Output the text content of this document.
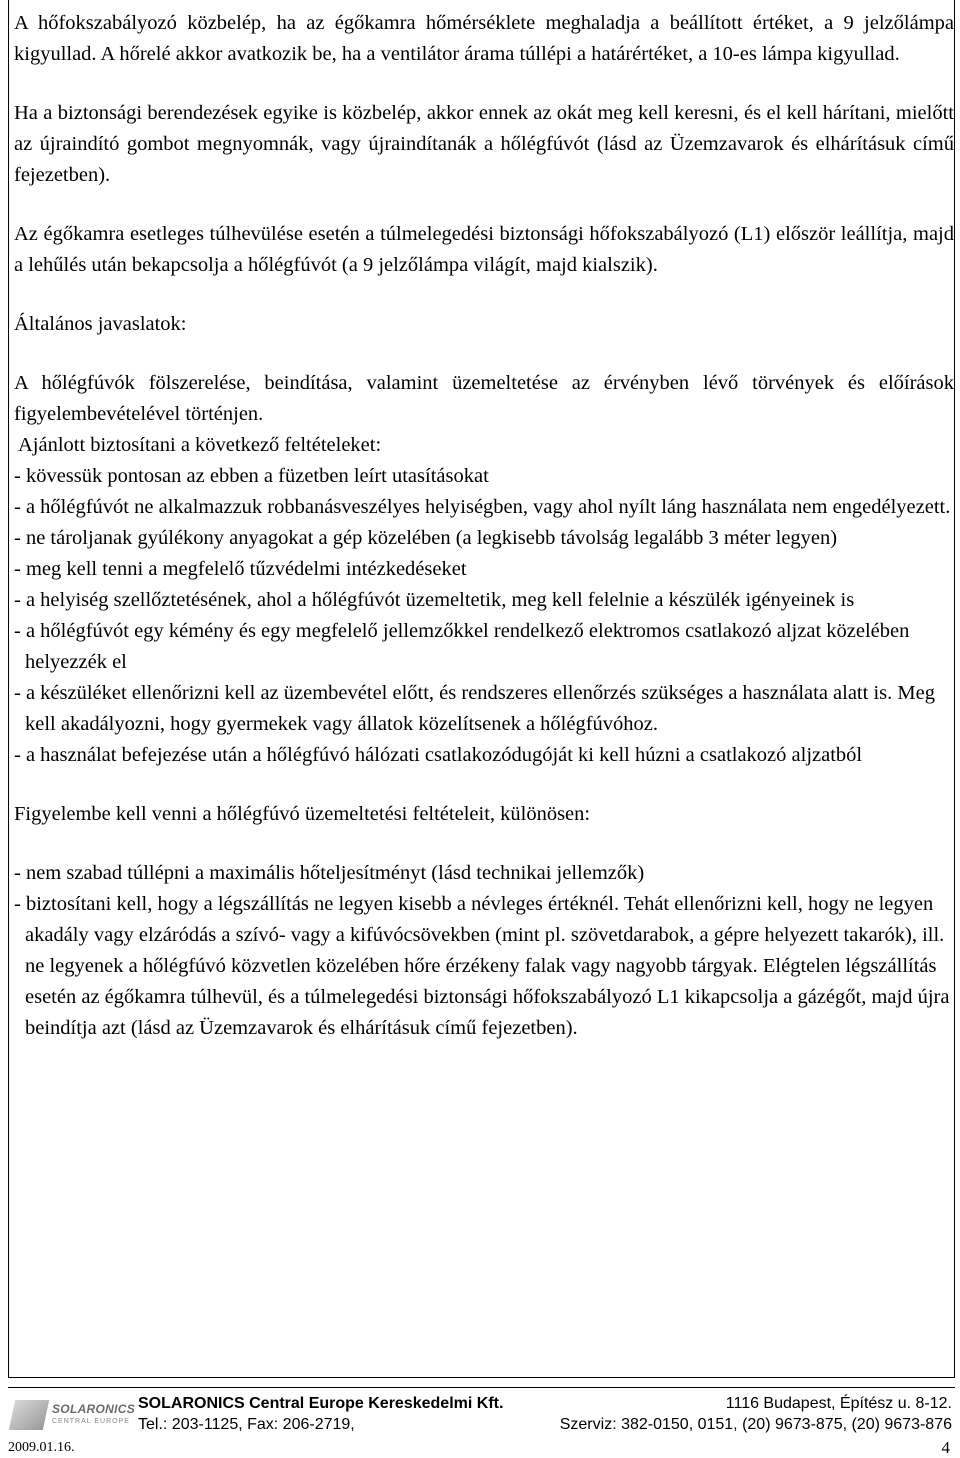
A hőfokszabályozó közbelép, ha az égőkamra hőmérséklete meghaladja a beállított értéket, a 9 jelzőlámpa kigyullad. A hőrelé akkor avatkozik be, ha a ventilátor árama túllépi a határértéket, a 10-es lámpa kigyullad.

Ha a biztonsági berendezések egyike is közbelép, akkor ennek az okát meg kell keresni, és el kell hárítani, mielőtt az újraindító gombot megnyomnák, vagy újraindítanák a hőlégfúvót (lásd az Üzemzavarok és elhárításuk című fejezetben).

Az égőkamra esetleges túlhevülése esetén a túlmelegedési biztonsági hőfokszabályozó (L1) először leállítja, majd a lehűlés után bekapcsolja a hőlégfúvót (a 9 jelzőlámpa világít, majd kialszik).

Általános javaslatok:

A hőlégfúvók fölszerelése, beindítása, valamint üzemeltetése az érvényben lévő törvények és előírások figyelembevételével történjen.

Ajánlott biztosítani a következő feltételeket:

- kövessük pontosan az ebben a füzetben leírt utasításokat
- a hőlégfúvót ne alkalmazzuk robbanásveszélyes helyiségben, vagy ahol nyílt láng használata nem engedélyezett.
- ne tároljanak gyúlékony anyagokat a gép közelében (a legkisebb távolság legalább 3 méter legyen)
- meg kell tenni a megfelelő tűzvédelmi intézkedéseket
- a helyiség szellőztetésének, ahol a hőlégfúvót üzemeltetik, meg kell felelnie a készülék igényeinek is
- a hőlégfúvót egy kémény és egy megfelelő jellemzőkkel rendelkező elektromos csatlakozó aljzat közelében helyezzék el
- a készüléket ellenőrizni kell az üzembevétel előtt, és rendszeres ellenőrzés szükséges a használata alatt is. Meg kell akadályozni, hogy gyermekek vagy állatok közelítsenek a hőlégfúvóhoz.
- a használat befejezése után a hőlégfúvó hálózati csatlakozódugóját ki kell húzni a csatlakozó aljzatból

Figyelembe kell venni a hőlégfúvó üzemeltetési feltételeit, különösen:

- nem szabad túllépni a maximális hőteljesítményt (lásd technikai jellemzők)
- biztosítani kell, hogy a légszállítás ne legyen kisebb a névleges értéknél. Tehát ellenőrizni kell, hogy ne legyen akadály vagy elzáródás a szívó- vagy a kifúvócsövekben (mint pl. szövetdarabok, a gépre helyezett takarók), ill. ne legyenek a hőlégfúvó közvetlen közelében hőre érzékeny falak vagy nagyobb tárgyak. Elégtelen légszállítás esetén az égőkamra túlhevül, és a túlmelegedési biztonsági hőfokszabályozó L1 kikapcsolja a gázégőt, majd újra beindítja azt (lásd az Üzemzavarok és elhárításuk című fejezetben).
SOLARONICS
CENTRAL EUROPE
SOLARONICS Central Europe Kereskedelmi Kft.	1116 Budapest, Építész u. 8-12.
Tel.: 203-1125, Fax: 206-2719,	Szerviz: 382-0150, 0151, (20) 9673-875, (20) 9673-876
2009.01.16.	4
